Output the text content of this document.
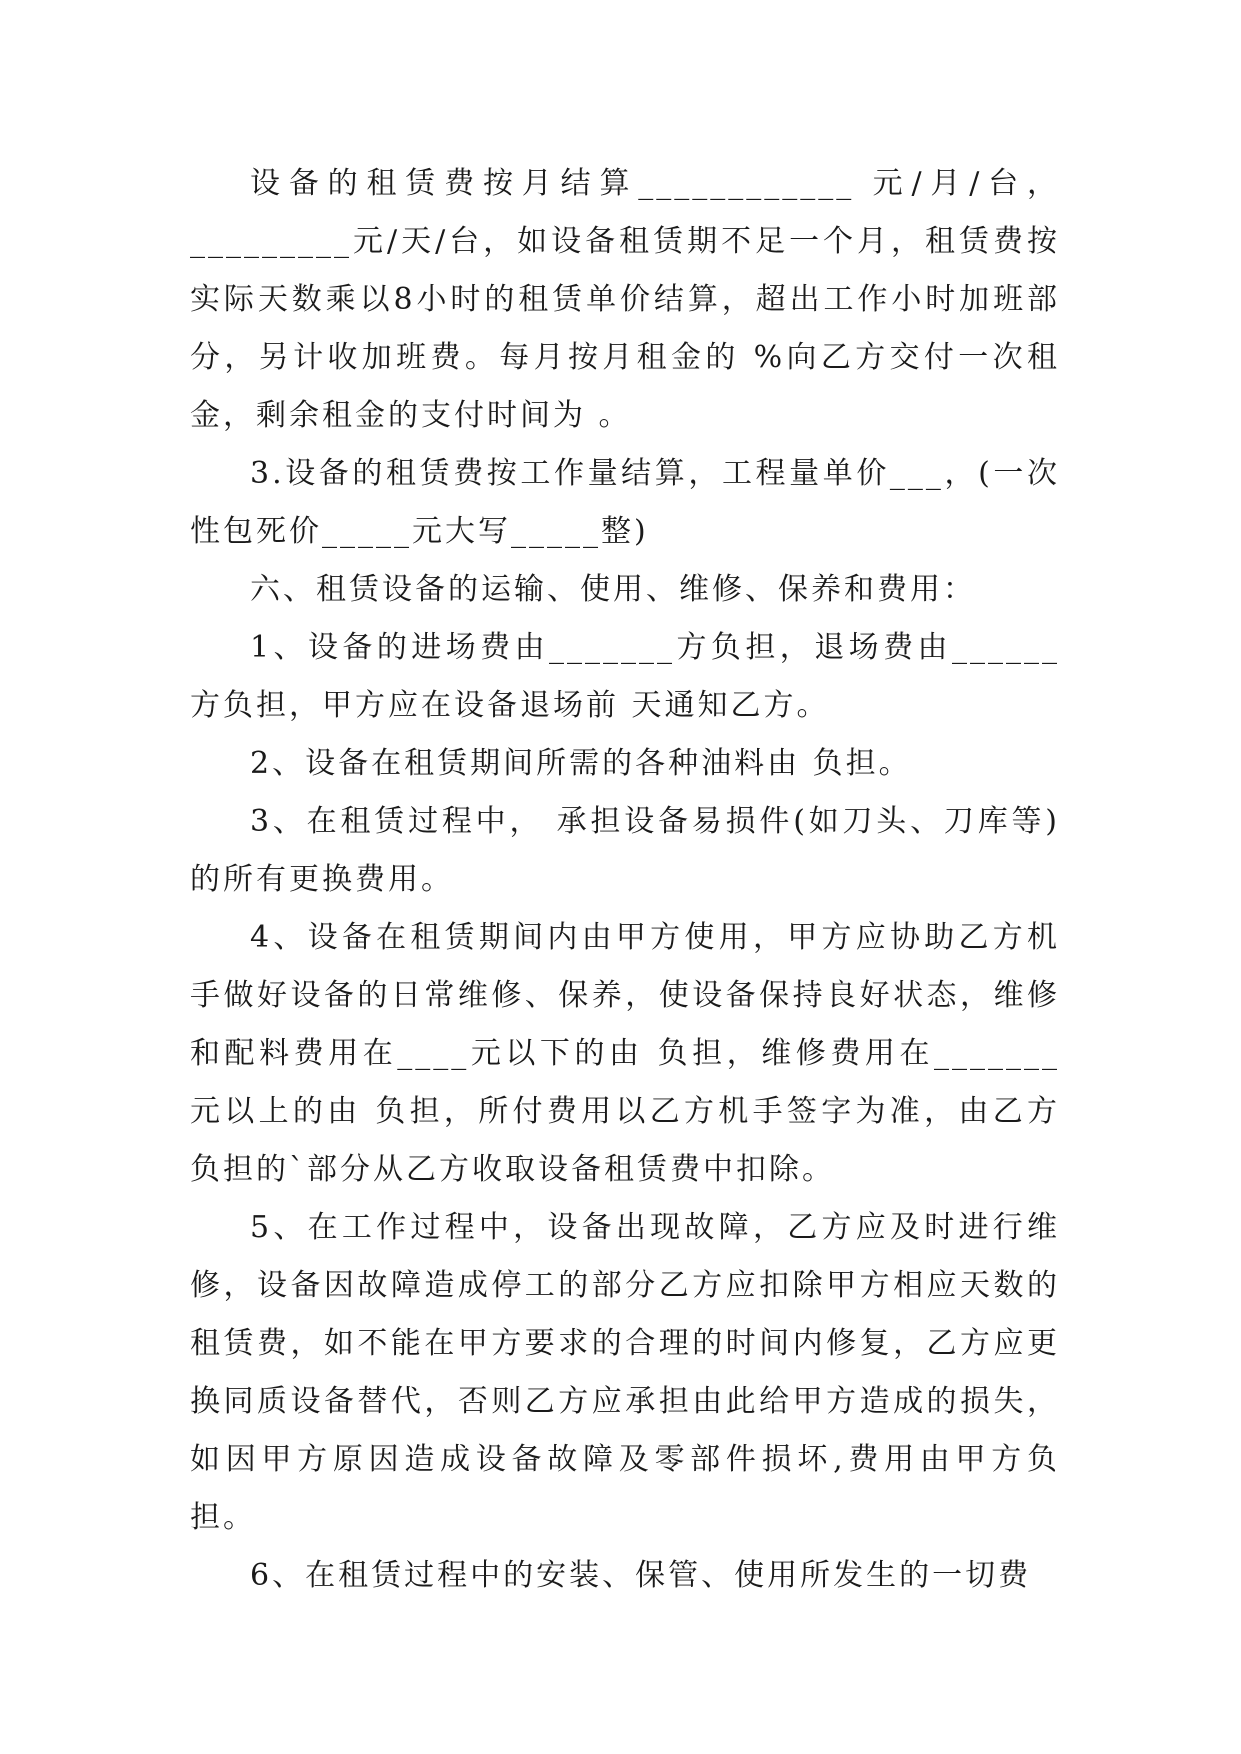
设备的租赁费按月结算____________ 元/月/台，_________元/天/台，如设备租赁期不足一个月，租赁费按实际天数乘以8小时的租赁单价结算，超出工作小时加班部分，另计收加班费。每月按月租金的 %向乙方交付一次租金，剩余租金的支付时间为 。

3.设备的租赁费按工作量结算，工程量单价___，(一次性包死价_____元大写_____整)

六、租赁设备的运输、使用、维修、保养和费用：

1、设备的进场费由_______方负担，退场费由______方负担，甲方应在设备退场前 天通知乙方。

2、设备在租赁期间所需的各种油料由 负担。

3、在租赁过程中， 承担设备易损件(如刀头、刀库等)的所有更换费用。

4、设备在租赁期间内由甲方使用，甲方应协助乙方机手做好设备的日常维修、保养，使设备保持良好状态，维修和配料费用在____元以下的由 负担，维修费用在_______元以上的由 负担，所付费用以乙方机手签字为准，由乙方负担的`部分从乙方收取设备租赁费中扣除。

5、在工作过程中，设备出现故障，乙方应及时进行维修，设备因故障造成停工的部分乙方应扣除甲方相应天数的租赁费，如不能在甲方要求的合理的时间内修复，乙方应更换同质设备替代，否则乙方应承担由此给甲方造成的损失，如因甲方原因造成设备故障及零部件损坏,费用由甲方负担。

6、在租赁过程中的安装、保管、使用所发生的一切费
